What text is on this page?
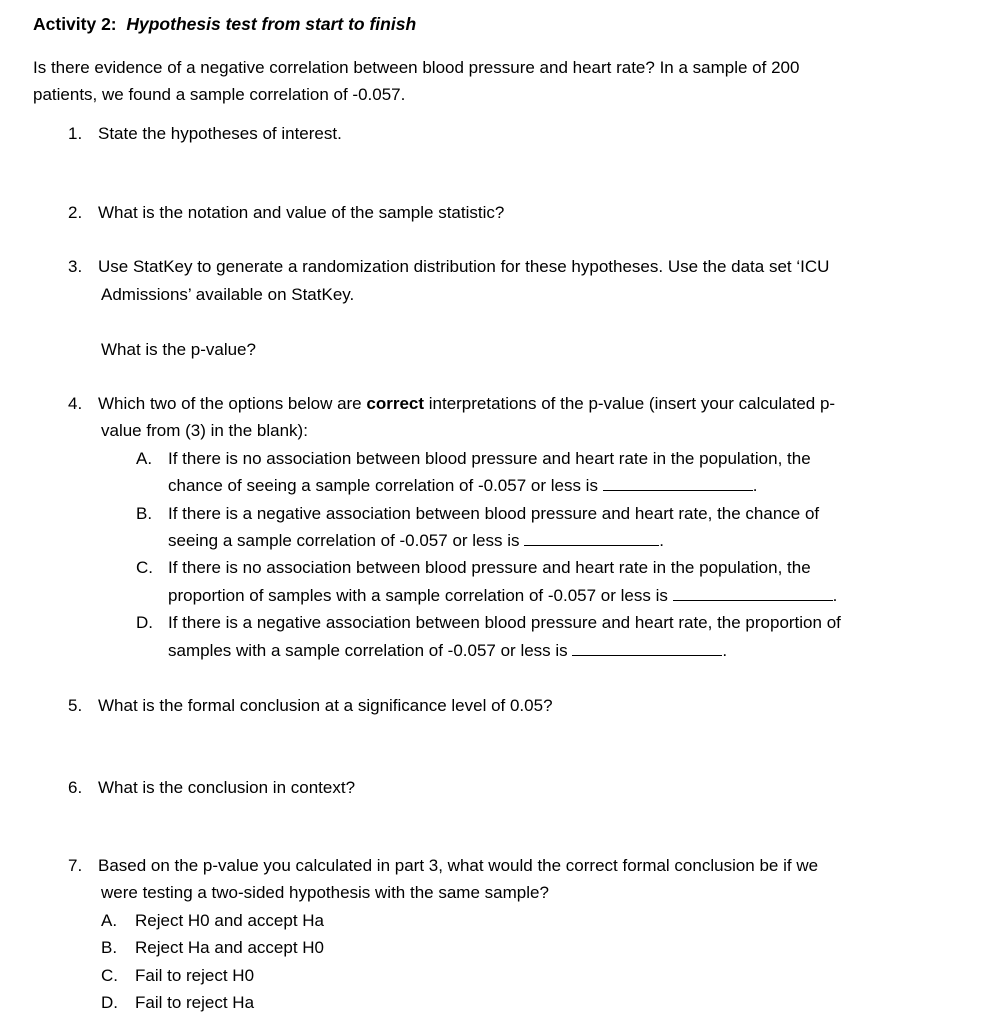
Activity 2: Hypothesis test from start to finish
Is there evidence of a negative correlation between blood pressure and heart rate? In a sample of 200
patients, we found a sample correlation of -0.057.
1. State the hypotheses of interest.
2. What is the notation and value of the sample statistic?
3. Use StatKey to generate a randomization distribution for these hypotheses. Use the data set ‘ICU
Admissions’ available on StatKey.
What is the p-value?
4. Which two of the options below are correct interpretations of the p-value (insert your calculated p-
value from (3) in the blank):
A. If there is no association between blood pressure and heart rate in the population, the
chance of seeing a sample correlation of -0.057 or less is	.
B. If there is a negative association between blood pressure and heart rate, the chance of
seeing a sample correlation of -0.057 or less is	.
C. If there is no association between blood pressure and heart rate in the population, the
proportion of samples with a sample correlation of -0.057 or less is	.
D. If there is a negative association between blood pressure and heart rate, the proportion of
samples with a sample correlation of -0.057 or less is	.
5. What is the formal conclusion at a significance level of 0.05?
6. What is the conclusion in context?
7. Based on the p-value you calculated in part 3, what would the correct formal conclusion be if we
were testing a two-sided hypothesis with the same sample?
A. Reject H0 and accept Ha
B. Reject Ha and accept H0
C. Fail to reject H0
D. Fail to reject Ha
